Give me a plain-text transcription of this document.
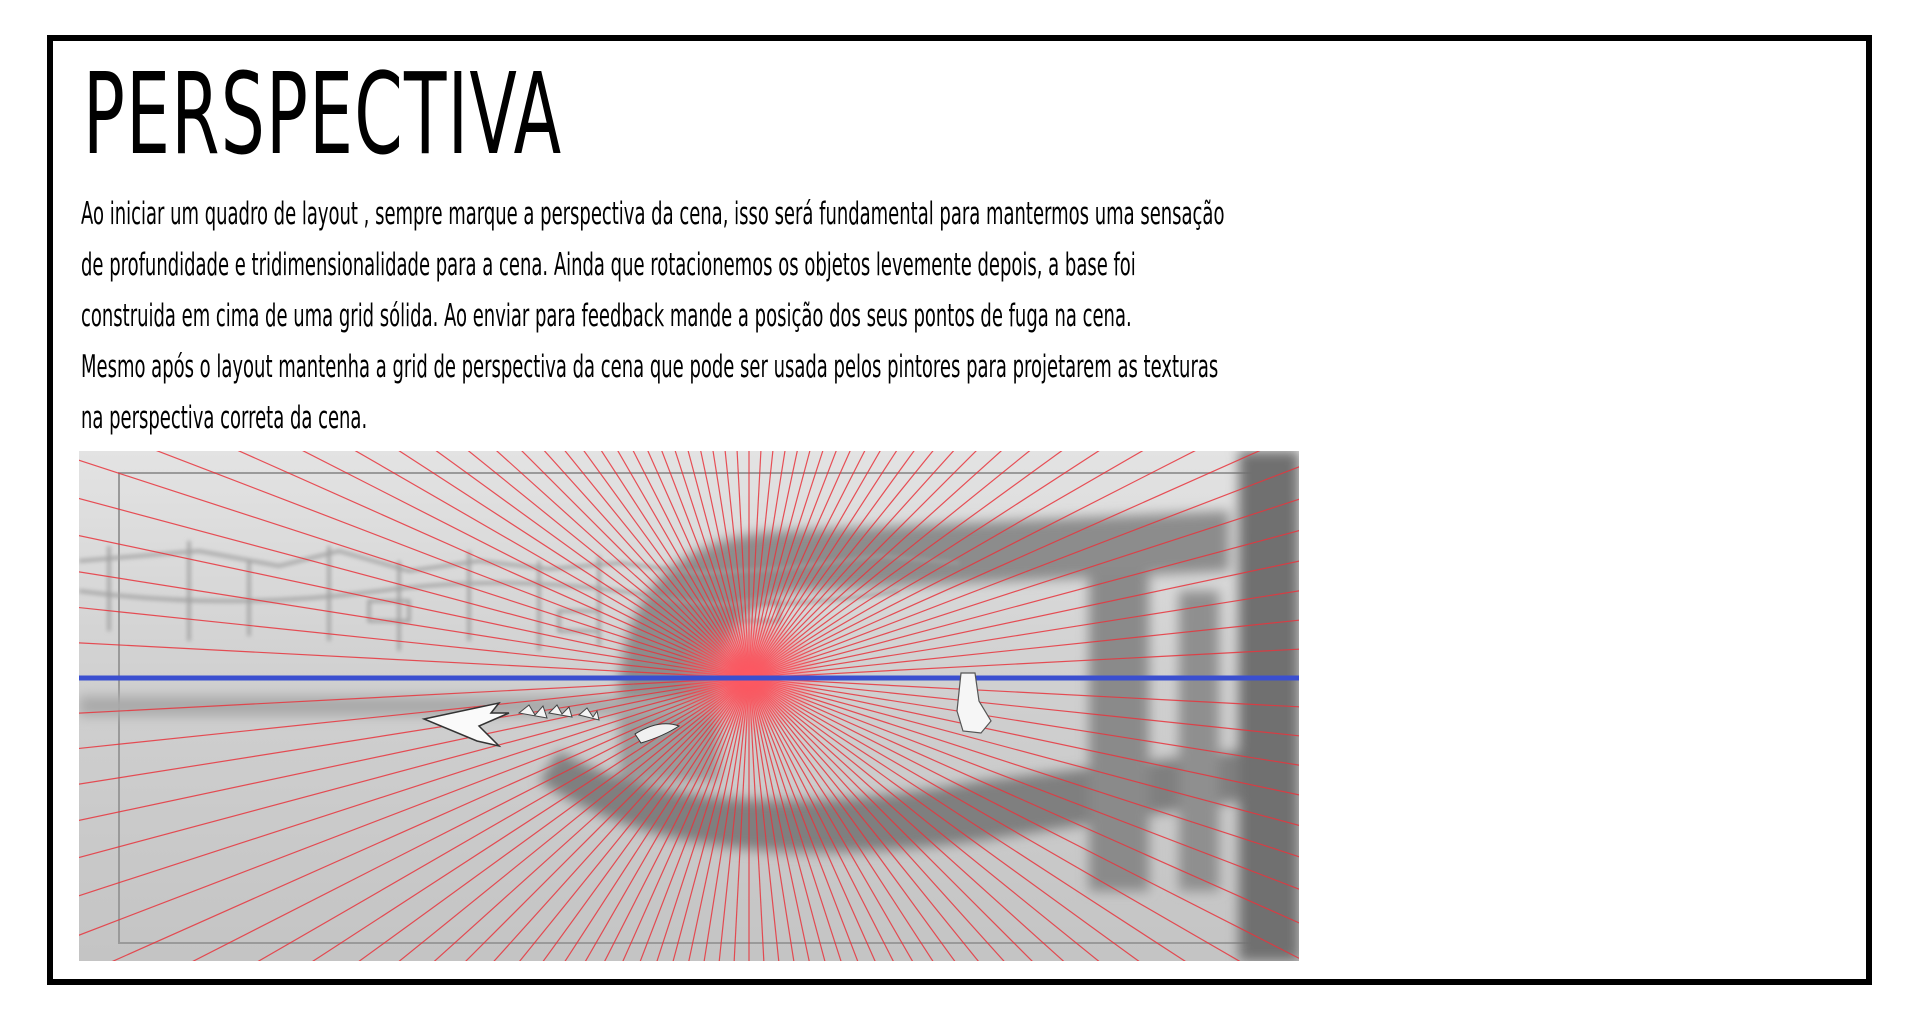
PERSPECTIVA

Ao iniciar um quadro de layout , sempre marque a perspectiva da cena, isso será fundamental para mantermos uma sensação
de profundidade e tridimensionalidade para a cena. Ainda que rotacionemos os objetos levemente depois, a base foi
construida em cima de uma grid sólida. Ao enviar para feedback mande a posição dos seus pontos de fuga na cena.
Mesmo após o layout mantenha a grid de perspectiva da cena que pode ser usada pelos pintores para projetarem as texturas
na perspectiva correta da cena.
